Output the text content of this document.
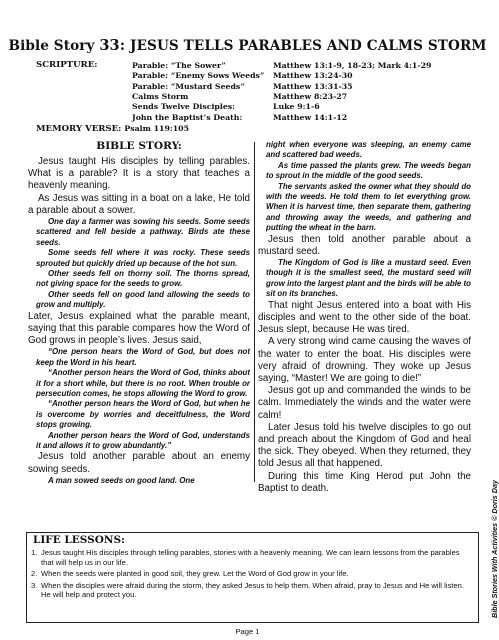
Bible Story 33: JESUS TELLS PARABLES AND CALMS STORM
SCRIPTURE:	Parable: “The Sower”	Matthew 13:1-9, 18-23; Mark 4:1-29
Parable: “Enemy Sows Weeds” Matthew 13:24-30
Parable: “Mustard Seeds”	Matthew 13:31-35
Calms Storm	Matthew 8:23-27
Sends Twelve Disciples:	Luke 9:1-6
John the Baptist’s Death:	Matthew 14:1-12
MEMORY VERSE: Psalm 119:105
BIBLE STORY:

Jesus taught His disciples by telling parables. What is a parable? It is a story that teaches a heavenly meaning.

As Jesus was sitting in a boat on a lake, He told a parable about a sower.

One day a farmer was sowing his seeds. Some seeds scattered and fell beside a pathway. Birds ate these seeds.

Some seeds fell where it was rocky. These seeds sprouted but quickly dried up because of the hot sun.

Other seeds fell on thorny soil. The thorns spread, not giving space for the seeds to grow.

Other seeds fell on good land allowing the seeds to grow and multiply.

Later, Jesus explained what the parable meant, saying that this parable compares how the Word of God grows in people’s lives. Jesus said,

“One person hears the Word of God, but does not keep the Word in his heart.

“Another person hears the Word of God, thinks about it for a short while, but there is no root. When trouble or persecution comes, he stops allowing the Word to grow.

“Another person hears the Word of God, but when he is overcome by worries and deceitfulness, the Word stops growing.

Another person hears the Word of God, understands it and allows it to grow abundantly.”

Jesus told another parable about an enemy sowing seeds.

A man sowed seeds on good land. One

night when everyone was sleeping, an enemy came and scattered bad weeds.

As time passed the plants grew. The weeds began to sprout in the middle of the good seeds.

The servants asked the owner what they should do with the weeds. He told them to let everything grow. When it is harvest time, then separate them, gathering and throwing away the weeds, and gathering and putting the wheat in the barn.

Jesus then told another parable about a mustard seed.

The Kingdom of God is like a mustard seed. Even though it is the smallest seed, the mustard seed will grow into the largest plant and the birds will be able to sit on its branches.

That night Jesus entered into a boat with His disciples and went to the other side of the boat. Jesus slept, because He was tired.

A very strong wind came causing the waves of the water to enter the boat. His disciples were very afraid of drowning. They woke up Jesus saying, “Master! We are going to die!”

Jesus got up and commanded the winds to be calm. Immediately the winds and the water were calm!

Later Jesus told his twelve disciples to go out and preach about the Kingdom of God and heal the sick. They obeyed. When they returned, they told Jesus all that happened.

During this time King Herod put John the Baptist to death.	Bible Stories With Activities © Doris Day
LIFE LESSONS:
1. Jesus taught His disciples through telling parables, stories with a heavenly meaning. We can learn lessons from the parables that will help us in our life.
2. When the seeds were planted in good soil, they grew. Let the Word of God grow in your life.
3. When the disciples were afraid during the storm, they asked Jesus to help them. When afraid, pray to Jesus and He will listen. He will help and protect you.
Page 1
